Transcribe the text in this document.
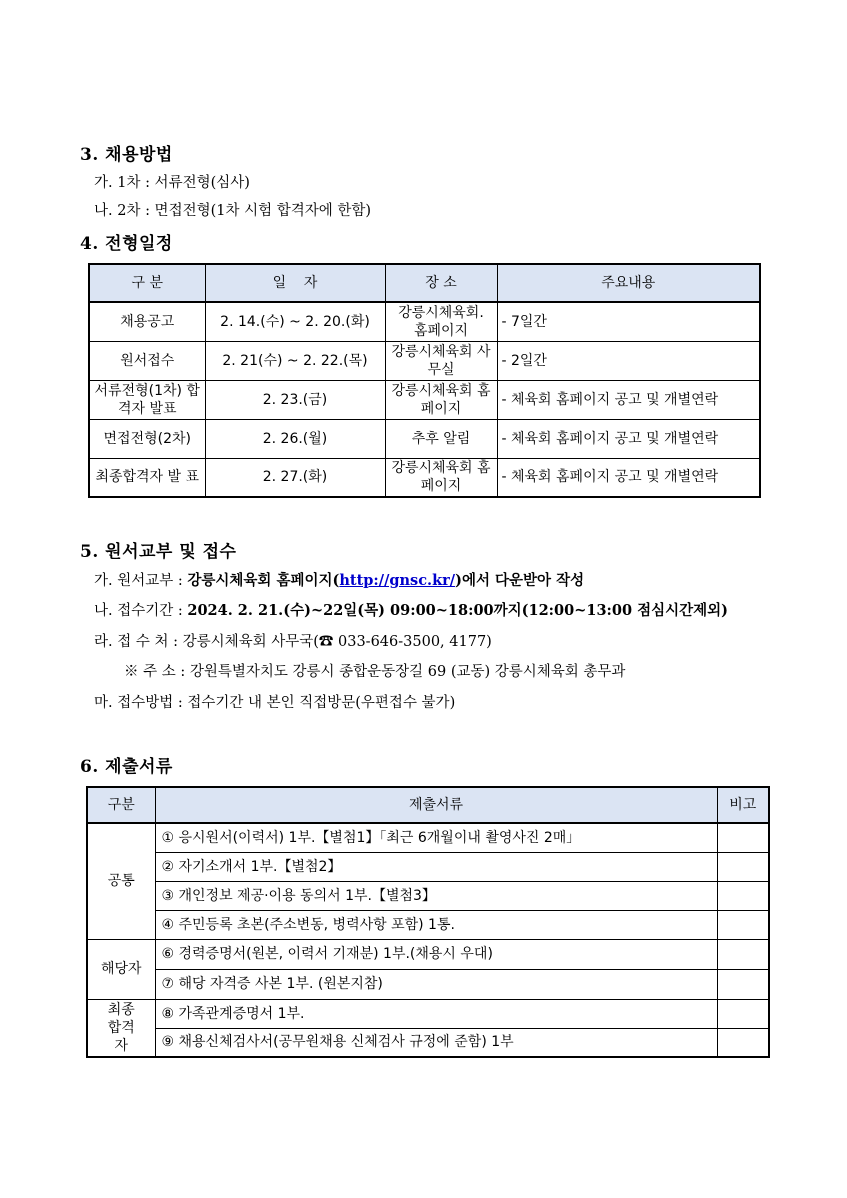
3. 채용방법
가. 1차 : 서류전형(심사)
나. 2차 : 면접전형(1차 시험 합격자에 한함)
4. 전형일정
구 분	일    자	장 소	주요내용
채용공고	2. 14.(수) ~ 2. 20.(화)	강릉시체육회. 홈페이지	- 7일간
원서접수	2. 21(수) ~ 2. 22.(목)	강릉시체육회 사무실	- 2일간
서류전형(1차) 합격자 발표	2. 23.(금)	강릉시체육회 홈페이지	- 체육회 홈페이지 공고 및 개별연락
면접전형(2차)	2. 26.(월)	추후 알림	- 체육회 홈페이지 공고 및 개별연락
최종합격자 발 표	2. 27.(화)	강릉시체육회 홈페이지	- 체육회 홈페이지 공고 및 개별연락
5. 원서교부 및 접수
가. 원서교부 : 강릉시체육회 홈페이지(http://gnsc.kr/)에서 다운받아 작성
나. 접수기간 : 2024. 2. 21.(수)~22일(목) 09:00~18:00까지(12:00~13:00 점심시간제외)
라. 접 수 처 : 강릉시체육회 사무국(☎ 033-646-3500, 4177)
※ 주 소 : 강원특별자치도 강릉시 종합운동장길 69 (교동) 강릉시체육회 총무과
마. 접수방법 : 접수기간 내 본인 직접방문(우편접수 불가)
6. 제출서류
구분	제출서류	비고
공통	① 응시원서(이력서) 1부.【별첨1】「최근 6개월이내 촬영사진 2매」	
	② 자기소개서 1부.【별첨2】	
	③ 개인정보 제공·이용 동의서 1부.【별첨3】	
	④ 주민등록 초본(주소변동, 병력사항 포함) 1통.	
해당자	⑥ 경력증명서(원본, 이력서 기재분) 1부.(채용시 우대)	
	⑦ 해당 자격증 사본 1부. (원본지참)	
최종 합격자	⑧ 가족관계증명서 1부.	
	⑨ 채용신체검사서(공무원채용 신체검사 규정에 준함) 1부	
